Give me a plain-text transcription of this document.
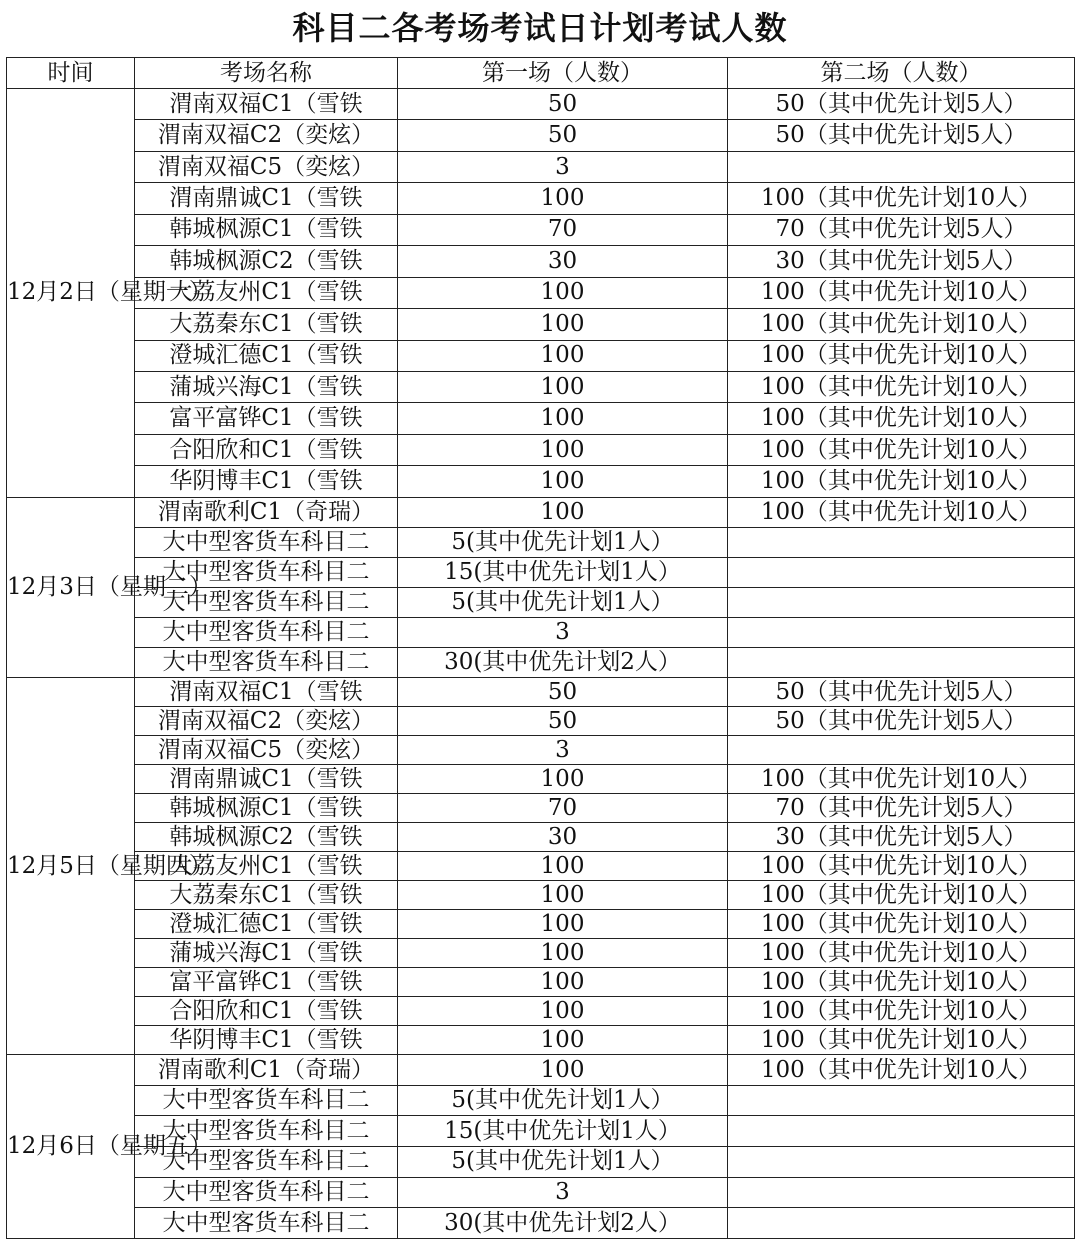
科目二各考场考试日计划考试人数
时间	考场名称	第一场（人数）	第二场（人数）
12月2日（星期一）	渭南双福C1（雪铁	50	50（其中优先计划5人）
	渭南双福C2（奕炫）	50	50（其中优先计划5人）
	渭南双福C5（奕炫）	3	
	渭南鼎诚C1（雪铁	100	100（其中优先计划10人）
	韩城枫源C1（雪铁	70	70（其中优先计划5人）
	韩城枫源C2（雪铁	30	30（其中优先计划5人）
	大荔友州C1（雪铁	100	100（其中优先计划10人）
	大荔秦东C1（雪铁	100	100（其中优先计划10人）
	澄城汇德C1（雪铁	100	100（其中优先计划10人）
	蒲城兴海C1（雪铁	100	100（其中优先计划10人）
	富平富铧C1（雪铁	100	100（其中优先计划10人）
	合阳欣和C1（雪铁	100	100（其中优先计划10人）
	华阴博丰C1（雪铁	100	100（其中优先计划10人）
12月3日（星期二）	渭南歌利C1（奇瑞）	100	100（其中优先计划10人）
	大中型客货车科目二	5(其中优先计划1人）	
	大中型客货车科目二	15(其中优先计划1人）	
	大中型客货车科目二	5(其中优先计划1人）	
	大中型客货车科目二	3	
	大中型客货车科目二	30(其中优先计划2人）	
12月5日（星期四）	渭南双福C1（雪铁	50	50（其中优先计划5人）
	渭南双福C2（奕炫）	50	50（其中优先计划5人）
	渭南双福C5（奕炫）	3	
	渭南鼎诚C1（雪铁	100	100（其中优先计划10人）
	韩城枫源C1（雪铁	70	70（其中优先计划5人）
	韩城枫源C2（雪铁	30	30（其中优先计划5人）
	大荔友州C1（雪铁	100	100（其中优先计划10人）
	大荔秦东C1（雪铁	100	100（其中优先计划10人）
	澄城汇德C1（雪铁	100	100（其中优先计划10人）
	蒲城兴海C1（雪铁	100	100（其中优先计划10人）
	富平富铧C1（雪铁	100	100（其中优先计划10人）
	合阳欣和C1（雪铁	100	100（其中优先计划10人）
	华阴博丰C1（雪铁	100	100（其中优先计划10人）
12月6日（星期五）	渭南歌利C1（奇瑞）	100	100（其中优先计划10人）
	大中型客货车科目二	5(其中优先计划1人）	
	大中型客货车科目二	15(其中优先计划1人）	
	大中型客货车科目二	5(其中优先计划1人）	
	大中型客货车科目二	3	
	大中型客货车科目二	30(其中优先计划2人）	
